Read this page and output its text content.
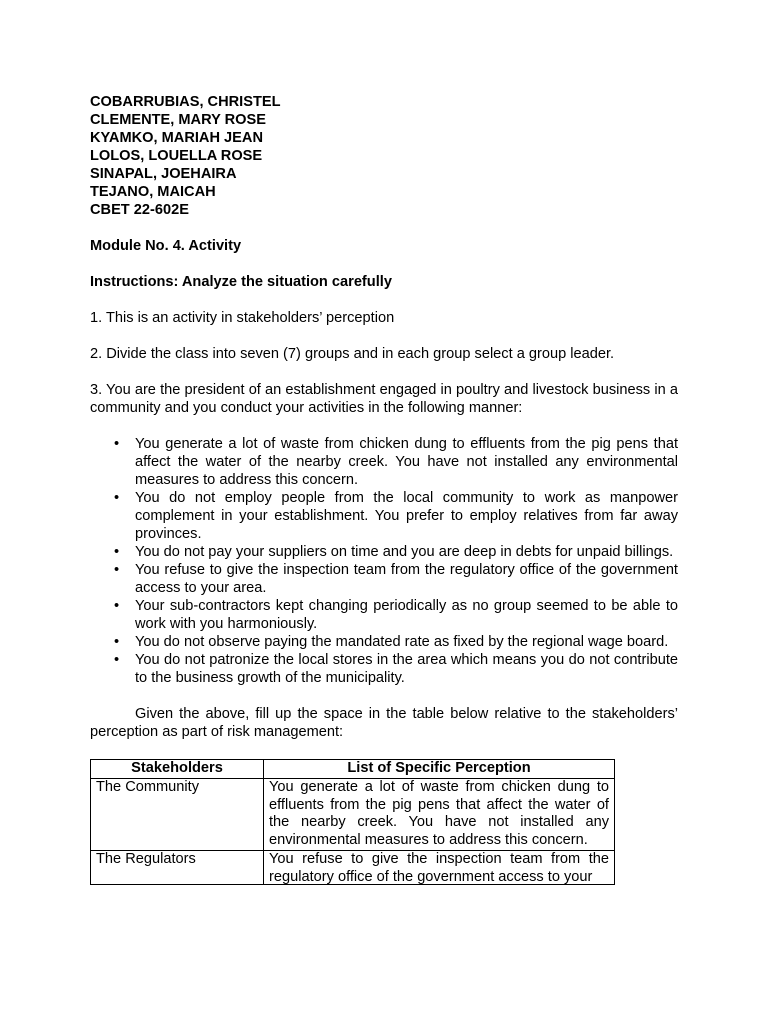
COBARRUBIAS, CHRISTEL
CLEMENTE, MARY ROSE
KYAMKO, MARIAH JEAN
LOLOS, LOUELLA ROSE
SINAPAL, JOEHAIRA
TEJANO, MAICAH
CBET 22-602E

Module No. 4. Activity

Instructions: Analyze the situation carefully

1. This is an activity in stakeholders’ perception

2. Divide the class into seven (7) groups and in each group select a group leader.

3. You are the president of an establishment engaged in poultry and livestock business in a community and you conduct your activities in the following manner:

• You generate a lot of waste from chicken dung to effluents from the pig pens that affect the water of the nearby creek. You have not installed any environmental measures to address this concern.
• You do not employ people from the local community to work as manpower complement in your establishment. You prefer to employ relatives from far away provinces.
• You do not pay your suppliers on time and you are deep in debts for unpaid billings.
• You refuse to give the inspection team from the regulatory office of the government access to your area.
• Your sub-contractors kept changing periodically as no group seemed to be able to work with you harmoniously.
• You do not observe paying the mandated rate as fixed by the regional wage board.
• You do not patronize the local stores in the area which means you do not contribute to the business growth of the municipality.

Given the above, fill up the space in the table below relative to the stakeholders’ perception as part of risk management:

Stakeholders	List of Specific Perception
The Community	You generate a lot of waste from chicken dung to effluents from the pig pens that affect the water of the nearby creek. You have not installed any environmental measures to address this concern.
The Regulators	You refuse to give the inspection team from the regulatory office of the government access to your
